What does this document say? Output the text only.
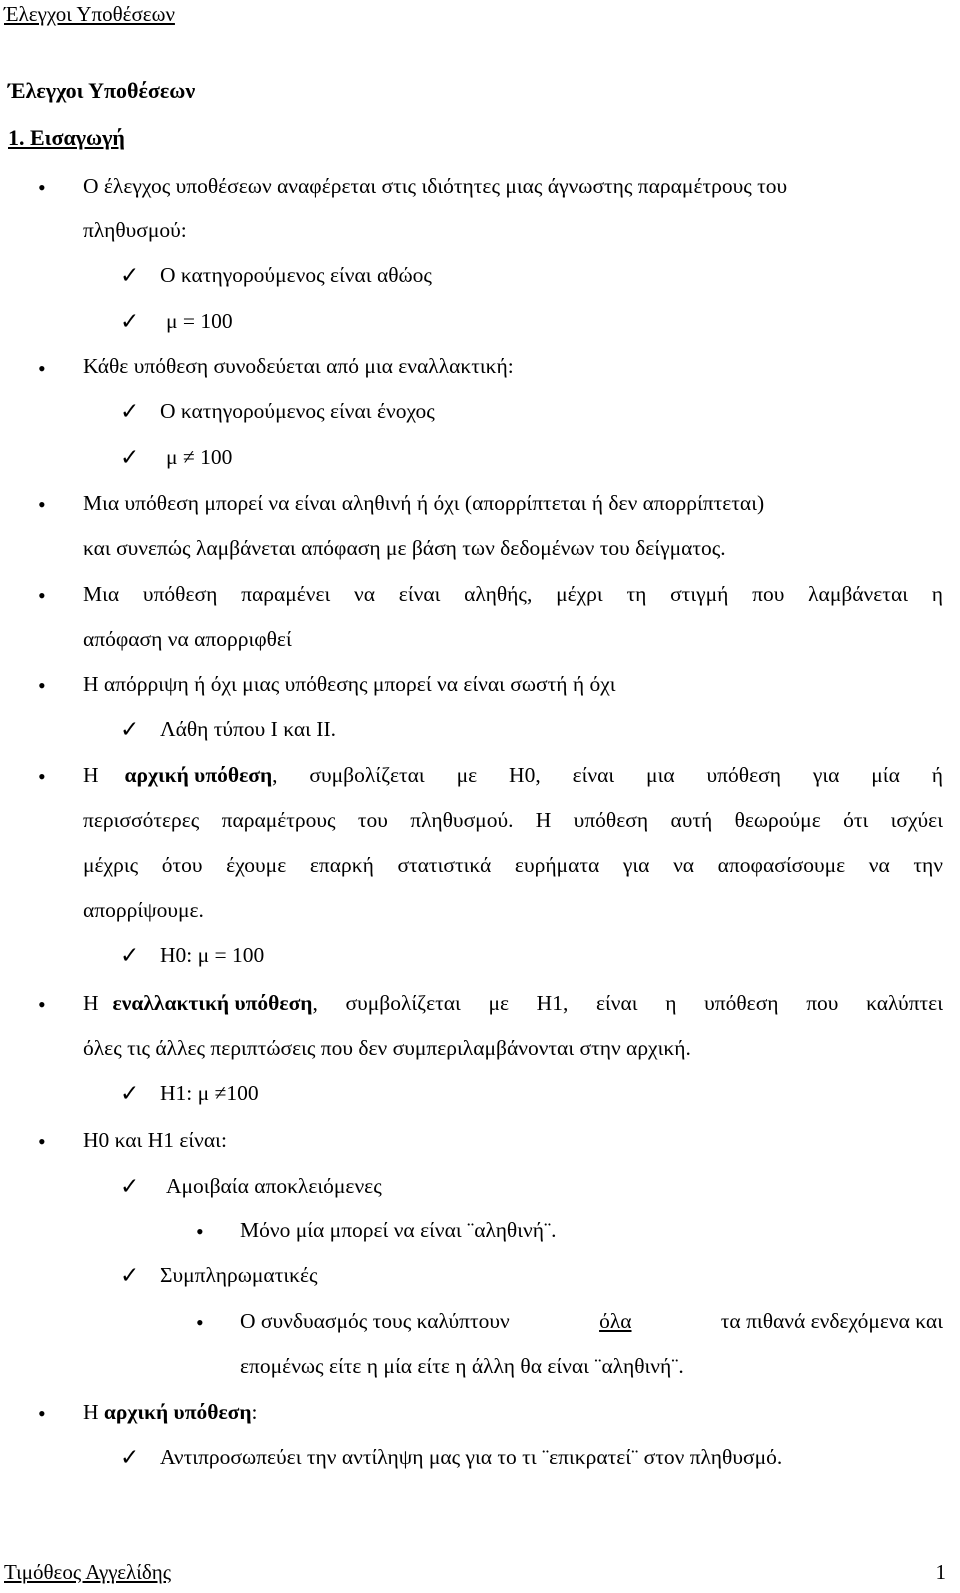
Έλεγχοι Υποθέσεων
Έλεγχοι Υποθέσεων
1. Εισαγωγή
• Ο έλεγχος υποθέσεων αναφέρεται στις ιδιότητες μιας άγνωστης παραμέτρους του
πληθυσμού:
✓ Ο κατηγορούμενος είναι αθώος
✓ μ = 100
• Κάθε υπόθεση συνοδεύεται από μια εναλλακτική:
✓ Ο κατηγορούμενος είναι ένοχος
✓ μ ≠ 100
• Μια υπόθεση μπορεί να είναι αληθινή ή όχι (απορρίπτεται ή δεν απορρίπτεται)
και συνεπώς λαμβάνεται απόφαση με βάση των δεδομένων του δείγματος.
• Μια υπόθεση παραμένει να είναι αληθής, μέχρι τη στιγμή που λαμβάνεται η
απόφαση να απορριφθεί
• Η απόρριψη ή όχι μιας υπόθεσης μπορεί να είναι σωστή ή όχι
✓ Λάθη τύπου Ι και ΙΙ.
• Η αρχική υπόθεση , συμβολίζεται με Η0, είναι μια υπόθεση για μία ή
περισσότερες παραμέτρους του πληθυσμού. Η υπόθεση αυτή θεωρούμε ότι ισχύει
μέχρις ότου έχουμε επαρκή στατιστικά ευρήματα για να αποφασίσουμε να την
απορρίψουμε.
✓ Η0: μ = 100
• Η εναλλακτική υπόθεση , συμβολίζεται με Η1, είναι η υπόθεση που καλύπτει
όλες τις άλλες περιπτώσεις που δεν συμπεριλαμβάνονται στην αρχική.
✓ Η1: μ ≠100
• Η0 και Η1 είναι:
✓ Αμοιβαία αποκλειόμενες
• Μόνο μία μπορεί να είναι ¨αληθινή¨.
✓ Συμπληρωματικές
• Ο συνδυασμός τους καλύπτουν	όλα	τα πιθανά ενδεχόμενα και
επομένως είτε η μία είτε η άλλη θα είναι ¨αληθινή¨.
• Η αρχική υπόθεση:
✓ Αντιπροσωπεύει την αντίληψη μας για το τι ¨επικρατεί¨ στον πληθυσμό.
Τιμόθεος Αγγελίδης	1
